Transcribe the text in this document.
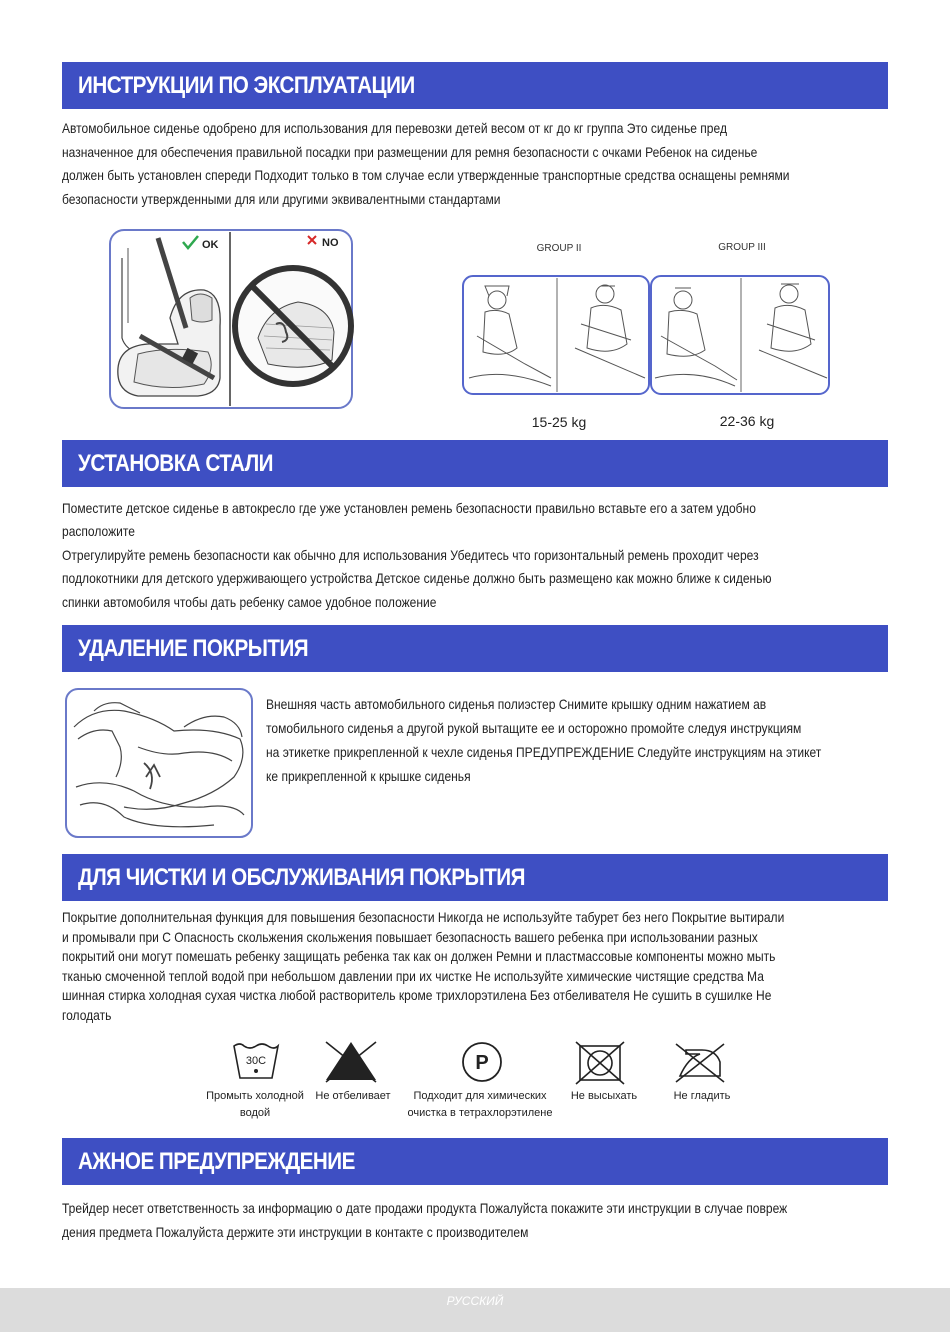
ИНСТРУКЦИИ ПО ЭКСПЛУАТАЦИИ
Автомобильное сиденье одобрено для использования для перевозки детей весом от кг до кг группа Это сиденье пред
назначенное для обеспечения правильной посадки при размещении для ремня безопасности с очками Ребенок на сиденье
должен быть установлен спереди Подходит только в том случае если утвержденные транспортные средства оснащены ремнями
безопасности утвержденными для или другими эквивалентными стандартами
OK	NO	GROUP II	GROUP III
15-25 kg	22-36 kg
УСТАНОВКА СТАЛИ
Поместите детское сиденье в автокресло где уже установлен ремень безопасности правильно вставьте его а затем удобно
расположите
Отрегулируйте ремень безопасности как обычно для использования Убедитесь что горизонтальный ремень проходит через
подлокотники для детского удерживающего устройства Детское сиденье должно быть размещено как можно ближе к сиденью
спинки автомобиля чтобы дать ребенку самое удобное положение
УДАЛЕНИЕ ПОКРЫТИЯ
Внешняя часть автомобильного сиденья полиэстер Снимите крышку одним нажатием ав
томобильного сиденья а другой рукой вытащите ее и осторожно промойте следуя инструкциям
на этикетке прикрепленной к чехле сиденья ПРЕДУПРЕЖДЕНИЕ Следуйте инструкциям на этикет
ке прикрепленной к крышке сиденья
ДЛЯ ЧИСТКИ И ОБСЛУЖИВАНИЯ ПОКРЫТИЯ
Покрытие дополнительная функция для повышения безопасности Никогда не используйте табурет без него Покрытие вытирали
и промывали при С Опасность скольжения скольжения повышает безопасность вашего ребенка при использовании разных
покрытий они могут помешать ребенку защищать ребенка так как он должен Ремни и пластмассовые компоненты можно мыть
тканью смоченной теплой водой при небольшом давлении при их чистке Не используйте химические чистящие средства Ма
шинная стирка холодная сухая чистка любой растворитель кроме трихлорэтилена Без отбеливателя Не сушить в сушилке Не
голодать
30C	P
Промыть холодной
водой
Не отбеливает	Подходит для химических
очистка в тетрахлорэтилене
Не высыхать	Не гладить
АЖНОЕ ПРЕДУПРЕЖДЕНИЕ
Трейдер несет ответственность за информацию о дате продажи продукта Пожалуйста покажите эти инструкции в случае повреж
дения предмета Пожалуйста держите эти инструкции в контакте с производителем
РУССКИЙ
